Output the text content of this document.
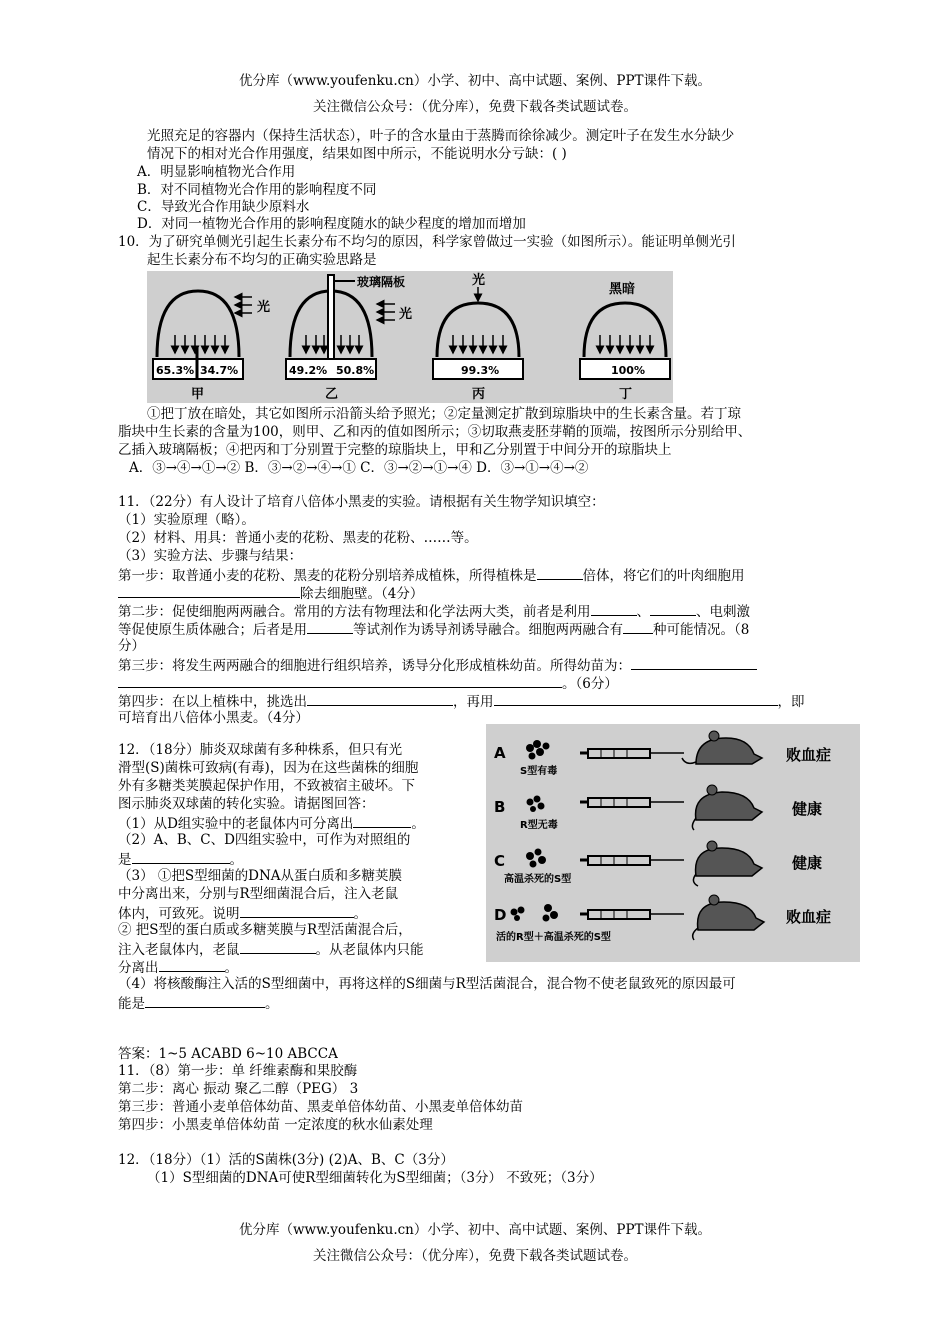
优分库（www.youfenku.cn）小学、初中、高中试题、案例、PPT课件下载。
关注微信公众号：（优分库），免费下载各类试题试卷。
光照充足的容器内（保持生活状态），叶子的含水量由于蒸腾而徐徐减少。测定叶子在发生水分缺少
情况下的相对光合作用强度，结果如图中所示，不能说明水分亏缺：( )
A．明显影响植物光合作用
B．对不同植物光合作用的影响程度不同
C．导致光合作用缺少原料水
D．对同一植物光合作用的影响程度随水的缺少程度的增加而增加
10．为了研究单侧光引起生长素分布不均匀的原因，科学家曾做过一实验（如图所示）。能证明单侧光引
起生长素分布不均匀的正确实验思路是
光
65.3% 34.7%
甲
玻璃隔板
光
49.2% 50.8%
乙
光
99.3%
丙
黑暗
100%
丁
①把丁放在暗处，其它如图所示沿箭头给予照光；②定量测定扩散到琼脂块中的生长素含量。若丁琼
脂块中生长素的含量为100，则甲、乙和丙的值如图所示；③切取燕麦胚芽鞘的顶端，按图所示分别给甲、
乙插入玻璃隔板；④把丙和丁分别置于完整的琼脂块上，甲和乙分别置于中间分开的琼脂块上
A．③→④→①→② B．③→②→④→① C．③→②→①→④ D．③→①→④→②
11．（22分）有人设计了培育八倍体小黑麦的实验。请根据有关生物学知识填空：
（1）实验原理（略）。
（2）材料、用具：普通小麦的花粉、黑麦的花粉、……等。
（3）实验方法、步骤与结果：
第一步：取普通小麦的花粉、黑麦的花粉分别培养成植株，所得植株是	倍体，将它们的叶肉细胞用
除去细胞壁。（4分）
第二步：促使细胞两两融合。常用的方法有物理法和化学法两大类，前者是利用	、	、电刺激
等促使原生质体融合；后者是用	等试剂作为诱导剂诱导融合。细胞两两融合有 种可能情况。（8
分）
第三步：将发生两两融合的细胞进行组织培养，诱导分化形成植株幼苗。所得幼苗为：
。（6分）
第四步：在以上植株中，挑选出	，再用	，即
可培育出八倍体小黑麦。（4分）
A
S型有毒
败血症
B
R型无毒
健康
C
高温杀死的S型
健康
D
活的R型＋高温杀死的S型
败血症
12．（18分）肺炎双球菌有多种株系，但只有光
滑型(S)菌株可致病(有毒)，因为在这些菌株的细胞
外有多糖类荚膜起保护作用，不致被宿主破坏。下
图示肺炎双球菌的转化实验。请据图回答：
（1）从D组实验中的老鼠体内可分离出	。
（2）A、B、C、D四组实验中，可作为对照组的
是	。
（3） ①把S型细菌的DNA从蛋白质和多糖荚膜
中分离出来，分别与R型细菌混合后，注入老鼠
体内，可致死。说明	。
② 把S型的蛋白质或多糖荚膜与R型活菌混合后，
注入老鼠体内，老鼠	。从老鼠体内只能
分离出	。
（4）将核酸酶注入活的S型细菌中，再将这样的S细菌与R型活菌混合，混合物不使老鼠致死的原因最可
能是	。
答案：1~5 ACABD 6~10 ABCCA
11．（8）第一步：单 纤维素酶和果胶酶
第二步：离心 振动 聚乙二醇（PEG） 3
第三步：普通小麦单倍体幼苗、黑麦单倍体幼苗、小黑麦单倍体幼苗
第四步：小黑麦单倍体幼苗 一定浓度的秋水仙素处理
12．（18分）（1）活的S菌株(3分) (2)A、B、C（3分）
（1）S型细菌的DNA可使R型细菌转化为S型细菌；（3分） 不致死；（3分）
优分库（www.youfenku.cn）小学、初中、高中试题、案例、PPT课件下载。
关注微信公众号：（优分库），免费下载各类试题试卷。
